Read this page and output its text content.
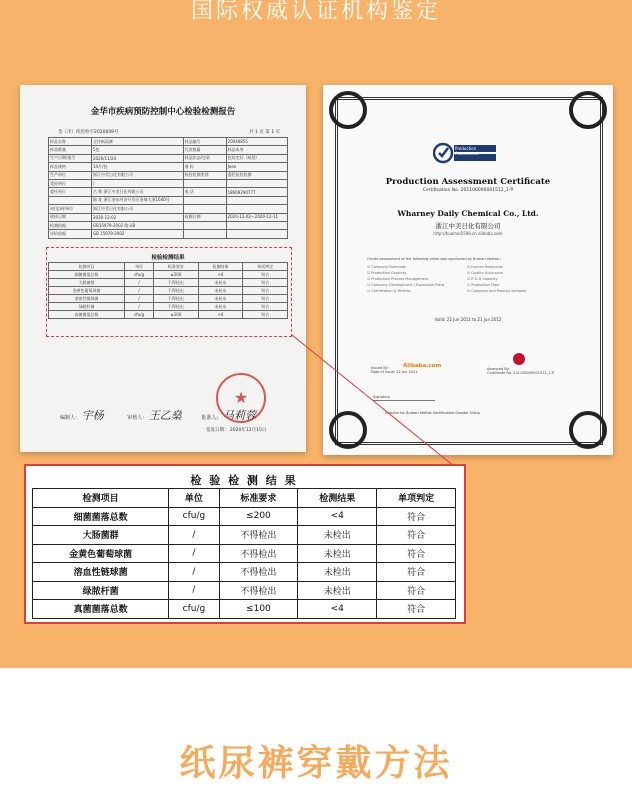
国际权威认证机构鉴定
金华市疾病预防控制中心检验检测报告
金（市）疾控检字2020609号	共 1 页 第 1 页
样品名称	宝侍纸尿裤	样品编号	20040855
样品数量	5包	代表数量	样品本身
生产日期/批号	2020/11/24	样品状态/包装	包装完好（纸袋）
样品规格	14片/包	商 标	Jooo
生产单位	浙江中美日化有限公司	检验检测类别	委托检验检测
受检单位	/		
委托单位	名 称 浙江中美日化有限公司	电 话	18669290777
	地 址 浙江金东经济开发区金瑞大道1640号		
采(送)样单位	浙江中美日化有限公司		
收样日期	2020-12-02	检测日期	2020-12-02～2020-12-11
检测依据	GB15979-2002 附录B		
评价依据	GB 15979-2002		
检验检测结果
检测项目	单位	标准要求	检测结果	单项判定
细菌菌落总数	cfu/g	≤200	<4	符合
大肠菌群	/	不得检出	未检出	符合
金黄色葡萄球菌	/	不得检出	未检出	符合
溶血性链球菌	/	不得检出	未检出	符合
绿脓杆菌	/	不得检出	未检出	符合
真菌菌落总数	cfu/g	≤100	<4	符合
编制人： 宇杨	审核人： 王乙燊	批准人： 马莉蓉
★
签发日期： 2020年12月15日
Production Assessment
Production Assessment Certificate
Certification No. 201106090001512_1-P
Wharney Daily Chemical Co., Ltd.
浙江中美日化有限公司
http://huamei5598.cn.alibaba.com
Onsite assessment of the following areas was conducted by Bureau Veritas :
☑ Company Overview	☑ Human Resources
☑ Production Capacity	☑ Quality Assurance
☑ Production Process Management	☑ R & D Capacity
☑ Company Development / Expansion Plans	☑ Production Floor
☑ Certification & Permits	☑ Company and Product Samples
Valid: 22 Jun 2011 to 21 Jun 2012
Issued By:
Date of Issue: 22 Jun 2011
Alibaba.com	Assessed By:
Certificate No. 201106090001512_1-P
Signature
Director for Bureau Veritas Certification Greater China
检 验 检 测 结 果
检测项目	单位	标准要求	检测结果	单项判定
细菌菌落总数	cfu/g	≤200	<4	符合
大肠菌群	/	不得检出	未检出	符合
金黄色葡萄球菌	/	不得检出	未检出	符合
溶血性链球菌	/	不得检出	未检出	符合
绿脓杆菌	/	不得检出	未检出	符合
真菌菌落总数	cfu/g	≤100	<4	符合
纸尿裤穿戴方法
